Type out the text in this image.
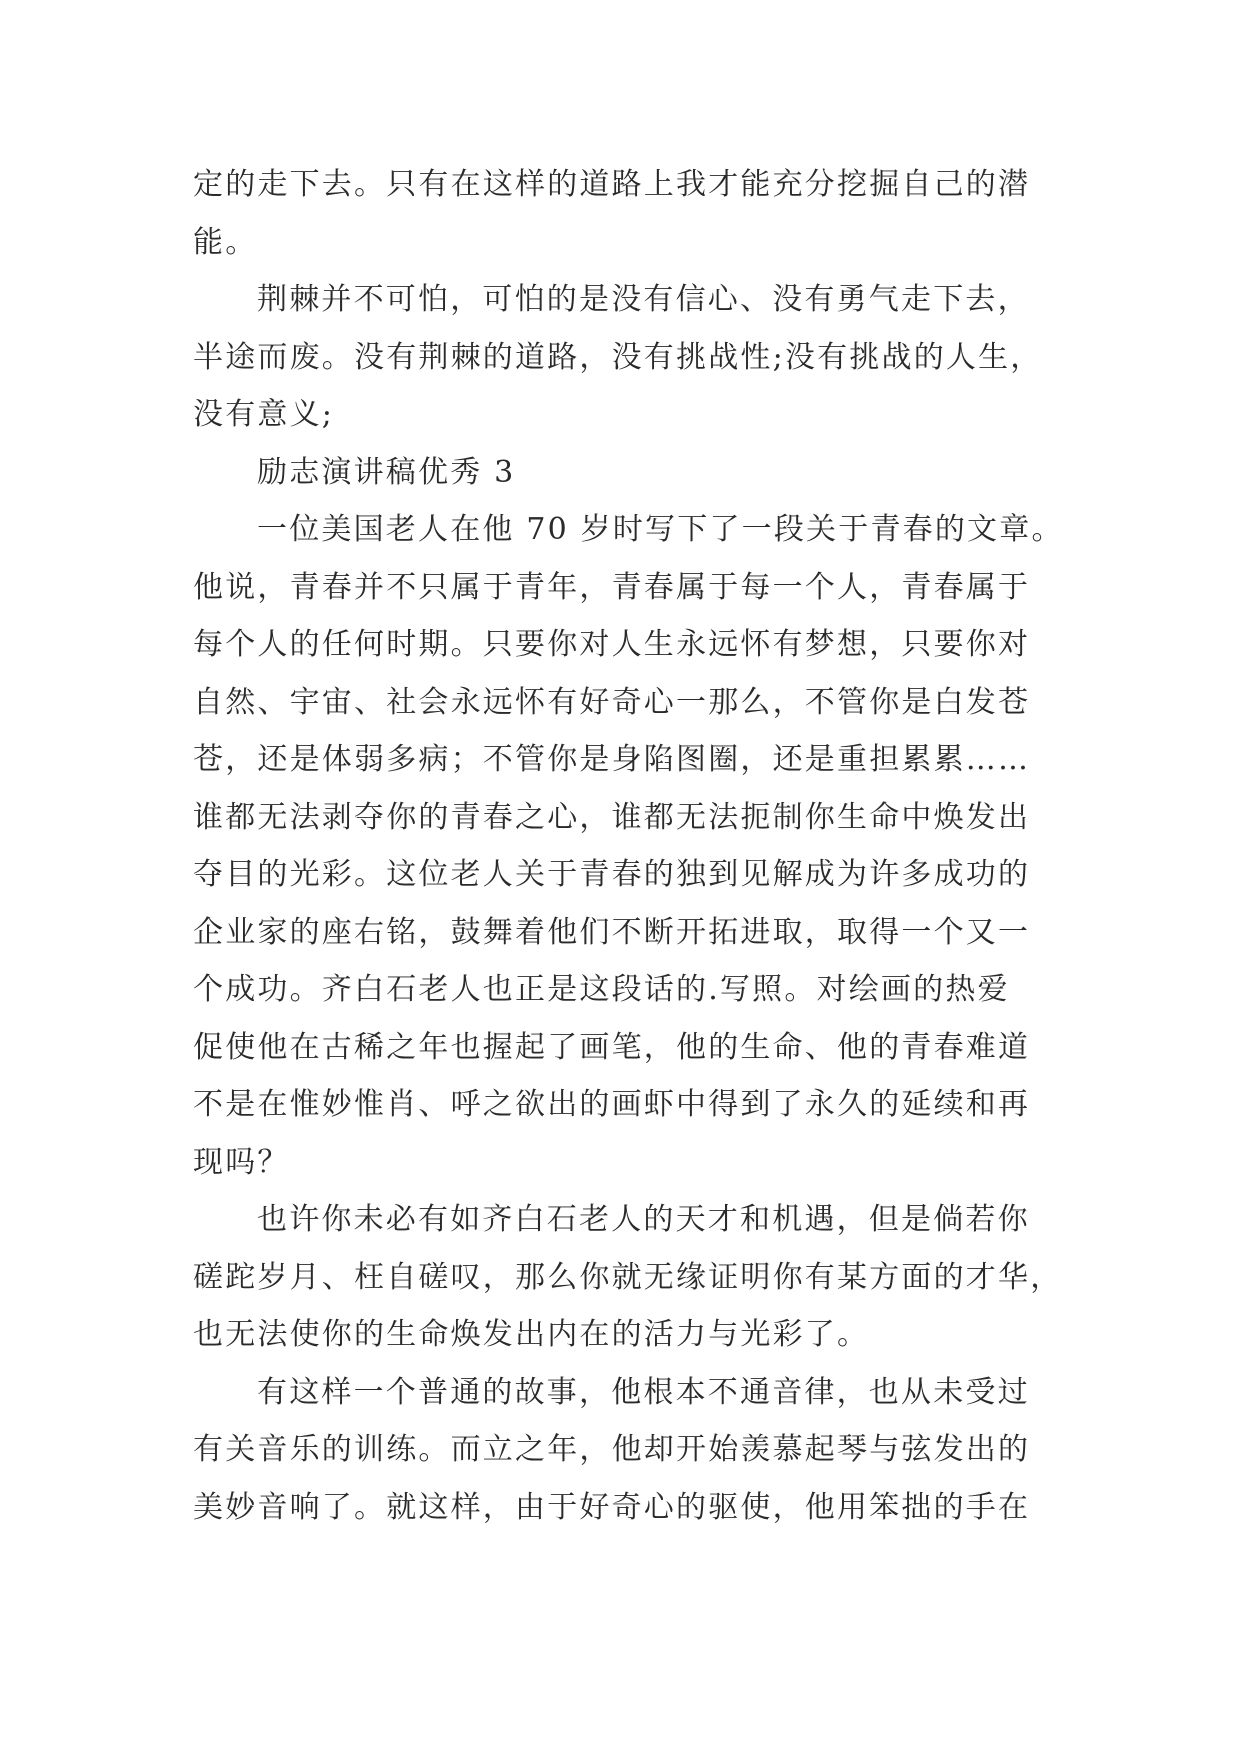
定的走下去。只有在这样的道路上我才能充分挖掘自己的潜
能。
荆棘并不可怕，可怕的是没有信心、没有勇气走下去，
半途而废。没有荆棘的道路，没有挑战性;没有挑战的人生，
没有意义;
励志演讲稿优秀 3
一位美国老人在他 70 岁时写下了一段关于青春的文章。
他说，青春并不只属于青年，青春属于每一个人，青春属于
每个人的任何时期。只要你对人生永远怀有梦想，只要你对
自然、宇宙、社会永远怀有好奇心一那么，不管你是白发苍
苍，还是体弱多病；不管你是身陷图圈，还是重担累累……
谁都无法剥夺你的青春之心，谁都无法扼制你生命中焕发出
夺目的光彩。这位老人关于青春的独到见解成为许多成功的
企业家的座右铭，鼓舞着他们不断开拓进取，取得一个又一
个成功。齐白石老人也正是这段话的.写照。对绘画的热爱
促使他在古稀之年也握起了画笔，他的生命、他的青春难道
不是在惟妙惟肖、呼之欲出的画虾中得到了永久的延续和再
现吗？
也许你未必有如齐白石老人的天才和机遇，但是倘若你
磋跎岁月、枉自磋叹，那么你就无缘证明你有某方面的才华，
也无法使你的生命焕发出内在的活力与光彩了。
有这样一个普通的故事，他根本不通音律，也从未受过
有关音乐的训练。而立之年，他却开始羡慕起琴与弦发出的
美妙音响了。就这样，由于好奇心的驱使，他用笨拙的手在
